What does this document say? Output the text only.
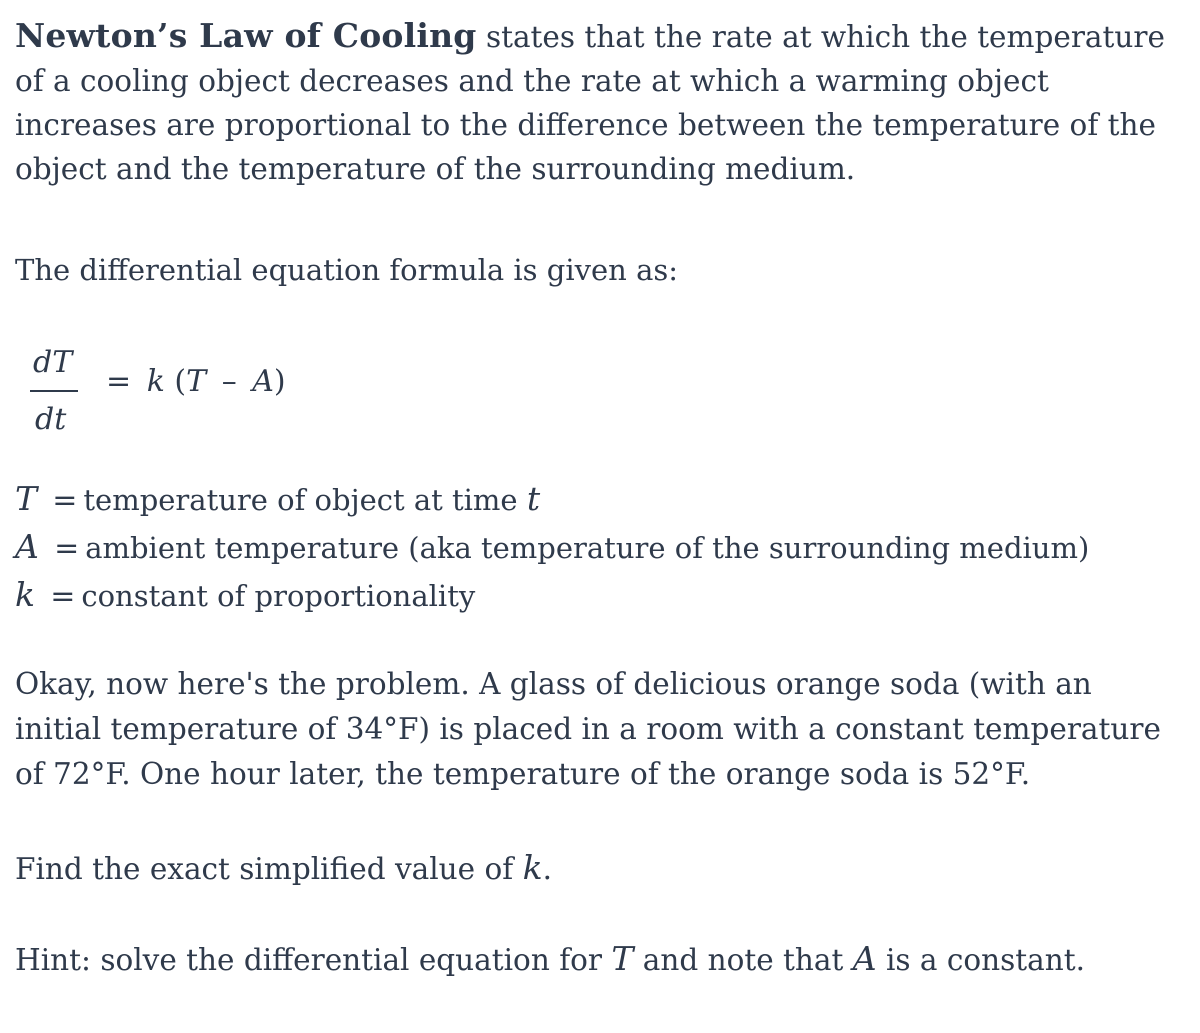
Newton’s Law of Cooling states that the rate at which the temperature of a cooling object decreases and the rate at which a warming object increases are proportional to the difference between the temperature of the object and the temperature of the surrounding medium.

The differential equation formula is given as:

dT
dt
= k (T – A)
T = temperature of object at time t
A = ambient temperature (aka temperature of the surrounding medium)
k = constant of proportionality

Okay, now here's the problem. A glass of delicious orange soda (with an initial temperature of 34°F) is placed in a room with a constant temperature of 72°F. One hour later, the temperature of the orange soda is 52°F.

Find the exact simplified value of k.

Hint: solve the differential equation for T and note that A is a constant.
